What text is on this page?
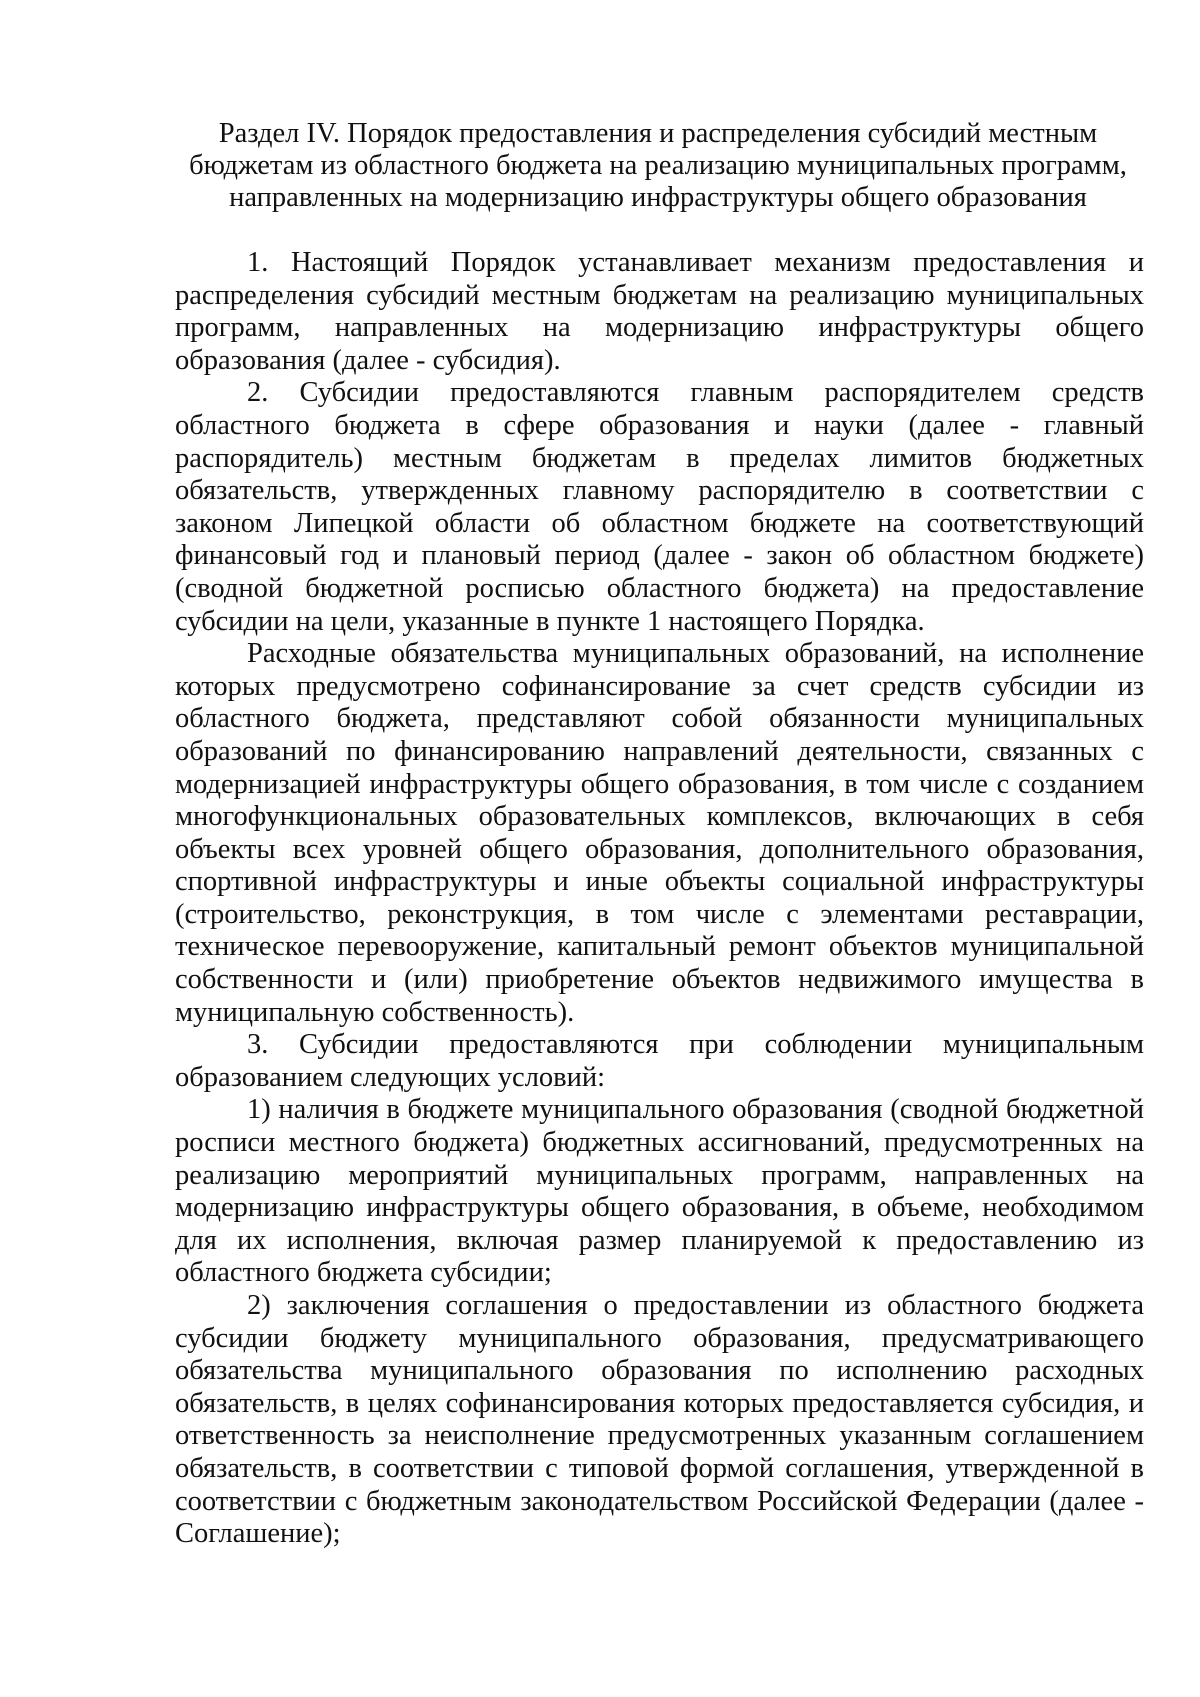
Раздел IV. Порядок предоставления и распределения субсидий местным
бюджетам из областного бюджета на реализацию муниципальных программ,
направленных на модернизацию инфраструктуры общего образования

1. Настоящий Порядок устанавливает механизм предоставления и распределения субсидий местным бюджетам на реализацию муниципальных программ, направленных на модернизацию инфраструктуры общего образования (далее - субсидия).

2. Субсидии предоставляются главным распорядителем средств областного бюджета в сфере образования и науки (далее - главный распорядитель) местным бюджетам в пределах лимитов бюджетных обязательств, утвержденных главному распорядителю в соответствии с законом Липецкой области об областном бюджете на соответствующий финансовый год и плановый период (далее - закон об областном бюджете) (сводной бюджетной росписью областного бюджета) на предоставление субсидии на цели, указанные в пункте 1 настоящего Порядка.

Расходные обязательства муниципальных образований, на исполнение которых предусмотрено софинансирование за счет средств субсидии из областного бюджета, представляют собой обязанности муниципальных образований по финансированию направлений деятельности, связанных с модернизацией инфраструктуры общего образования, в том числе с созданием многофункциональных образовательных комплексов, включающих в себя объекты всех уровней общего образования, дополнительного образования, спортивной инфраструктуры и иные объекты социальной инфраструктуры (строительство, реконструкция, в том числе с элементами реставрации, техническое перевооружение, капитальный ремонт объектов муниципальной собственности и (или) приобретение объектов недвижимого имущества в муниципальную собственность).

3. Субсидии предоставляются при соблюдении муниципальным образованием следующих условий:

1) наличия в бюджете муниципального образования (сводной бюджетной росписи местного бюджета) бюджетных ассигнований, предусмотренных на реализацию мероприятий муниципальных программ, направленных на модернизацию инфраструктуры общего образования, в объеме, необходимом для их исполнения, включая размер планируемой к предоставлению из областного бюджета субсидии;

2) заключения соглашения о предоставлении из областного бюджета субсидии бюджету муниципального образования, предусматривающего обязательства муниципального образования по исполнению расходных обязательств, в целях софинансирования которых предоставляется субсидия, и ответственность за неисполнение предусмотренных указанным соглашением обязательств, в соответствии с типовой формой соглашения, утвержденной в соответствии с бюджетным законодательством Российской Федерации (далее - Соглашение);
